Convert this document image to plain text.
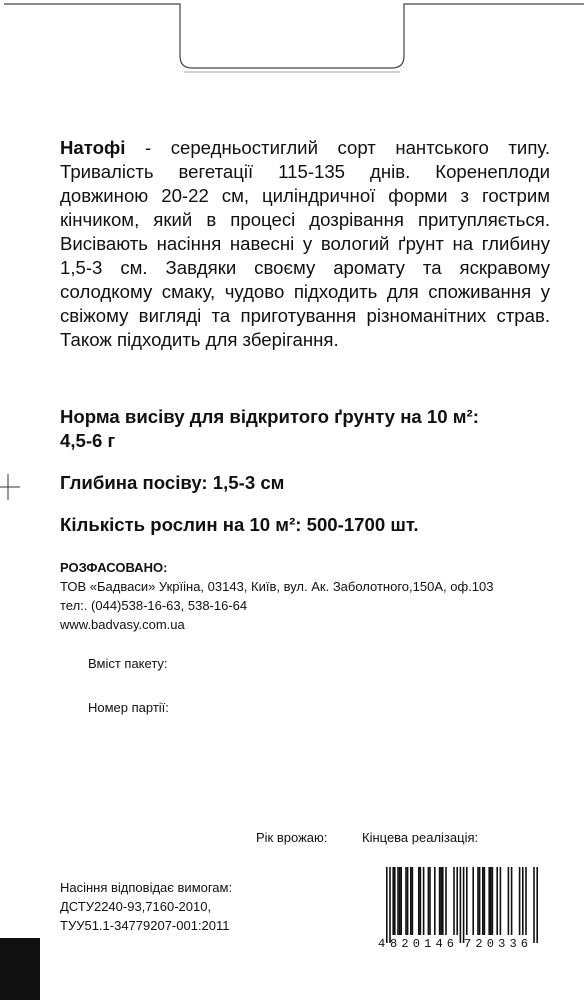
Натофі - середньостиглий сорт нантського типу. Тривалість вегетації 115-135 днів. Коренеплоди довжиною 20-22 см, циліндричної форми з гострим кінчиком, який в процесі дозрівання притупляється. Висівають насіння навесні у вологий ґрунт на глибину 1,5-3 см. Завдяки своєму аромату та яскравому солодкому смаку, чудово підходить для споживання у свіжому вигляді та приготування різноманітних страв. Також підходить для зберігання.

Норма висіву для відкритого ґрунту на 10 м²:
4,5-6 г

Глибина посіву: 1,5-3 см

Кількість рослин на 10 м²: 500-1700 шт.

РОЗФАСОВАНО:
ТОВ «Бадваси» Укрїіна, 03143, Київ, вул. Ак. Заболотного,150А, оф.103
тел:. (044)538-16-63, 538-16-64
www.badvasy.com.ua
Вміст пакету:
Номер партії:
Рік врожаю:	Кінцева реалізація:
Насіння відповідає вимогам:
ДСТУ2240-93,7160-2010,
ТУУ51.1-34779207-001:2011
4 820146 720336
